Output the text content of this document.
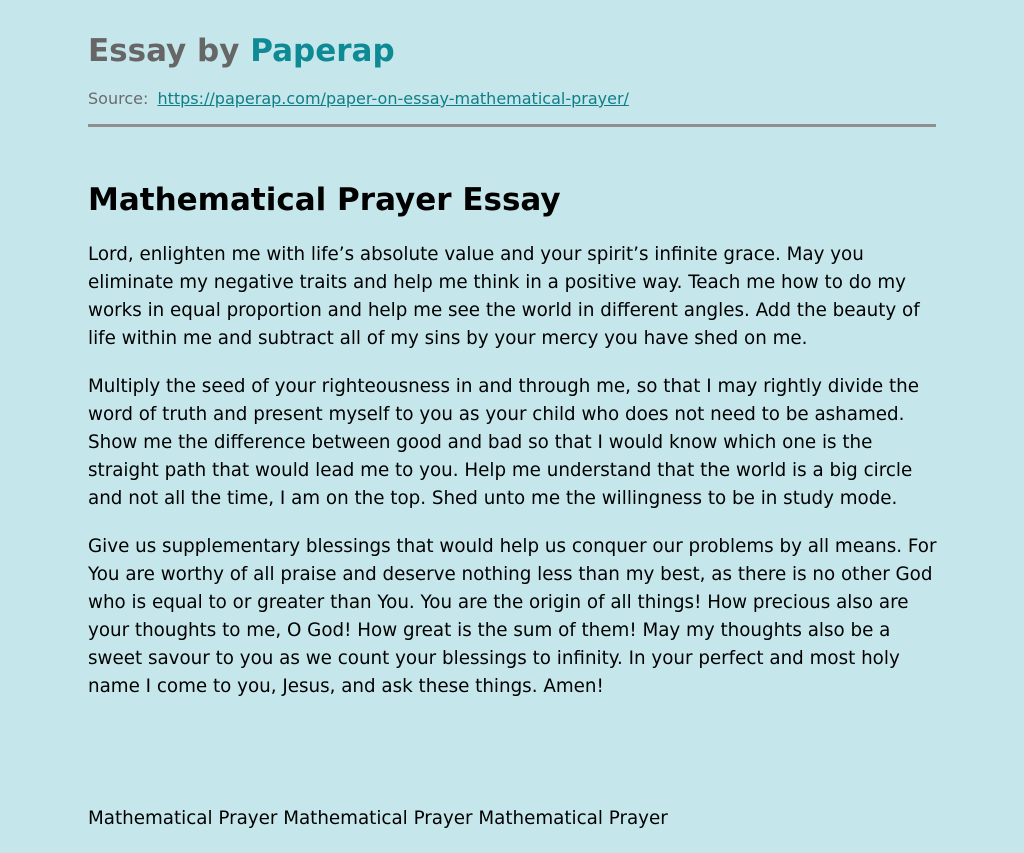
Essay by Paperap
Source: https://paperap.com/paper-on-essay-mathematical-prayer/
Mathematical Prayer Essay

Lord, enlighten me with life’s absolute value and your spirit’s infinite grace. May you eliminate my negative traits and help me think in a positive way. Teach me how to do my works in equal proportion and help me see the world in different angles. Add the beauty of life within me and subtract all of my sins by your mercy you have shed on me.

Multiply the seed of your righteousness in and through me, so that I may rightly divide the word of truth and present myself to you as your child who does not need to be ashamed. Show me the difference between good and bad so that I would know which one is the straight path that would lead me to you. Help me understand that the world is a big circle and not all the time, I am on the top. Shed unto me the willingness to be in study mode.

Give us supplementary blessings that would help us conquer our problems by all means. For You are worthy of all praise and deserve nothing less than my best, as there is no other God who is equal to or greater than You. You are the origin of all things! How precious also are your thoughts to me, O God! How great is the sum of them! May my thoughts also be a sweet savour to you as we count your blessings to infinity. In your perfect and most holy name I come to you, Jesus, and ask these things. Amen!

Mathematical Prayer Mathematical Prayer Mathematical Prayer
